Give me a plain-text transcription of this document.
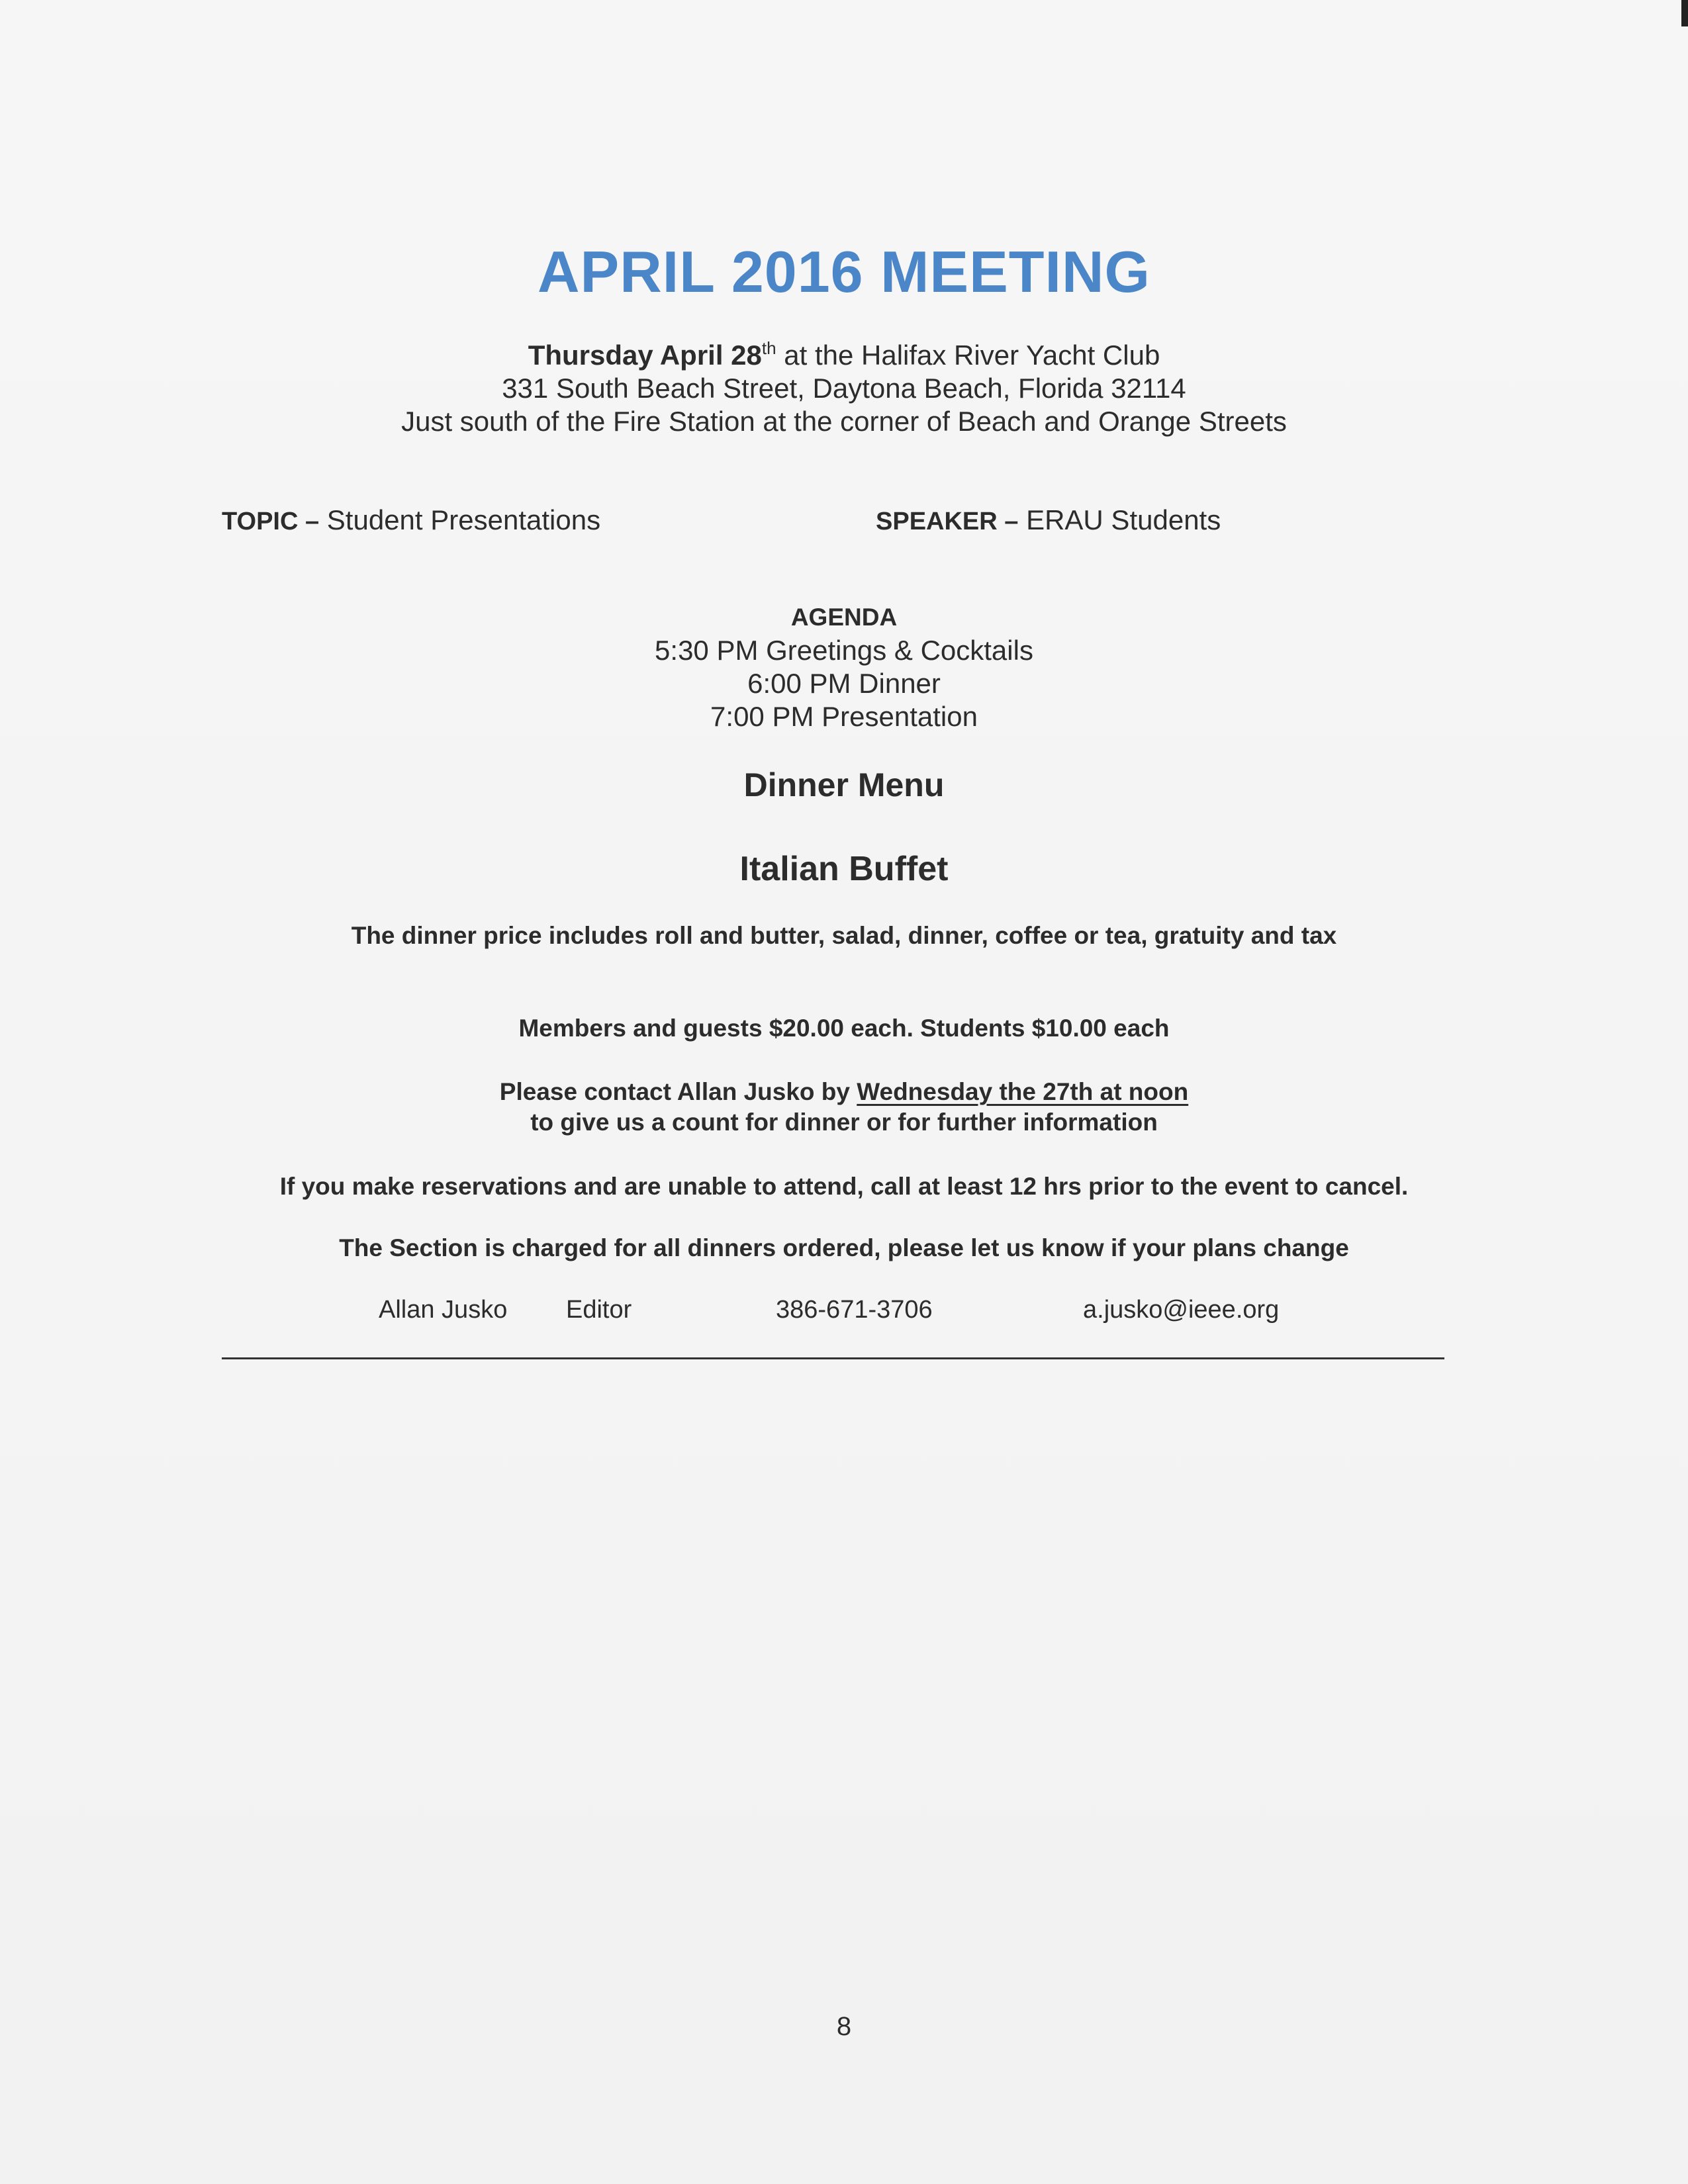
APRIL 2016 MEETING
Thursday April 28th at the Halifax River Yacht Club
331 South Beach Street, Daytona Beach, Florida 32114
Just south of the Fire Station at the corner of Beach and Orange Streets
TOPIC – Student Presentations	SPEAKER – ERAU Students
AGENDA
5:30 PM Greetings & Cocktails
6:00 PM Dinner
7:00 PM Presentation
Dinner Menu
Italian Buffet
The dinner price includes roll and butter, salad, dinner, coffee or tea, gratuity and tax
Members and guests $20.00 each. Students $10.00 each
Please contact Allan Jusko by Wednesday the 27th at noon
to give us a count for dinner or for further information
If you make reservations and are unable to attend, call at least 12 hrs prior to the event to cancel.
The Section is charged for all dinners ordered, please let us know if your plans change
Allan Jusko Editor	386-671-3706	a.jusko@ieee.org
8
